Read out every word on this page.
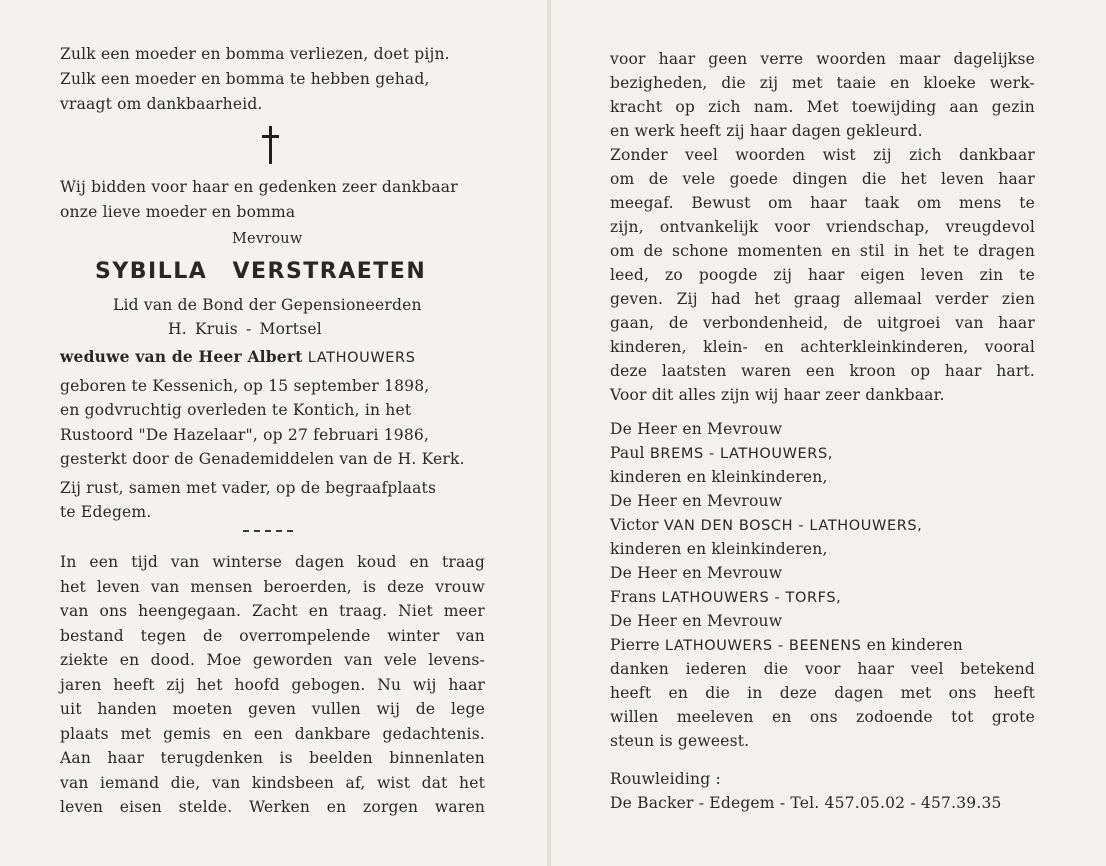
Zulk een moeder en bomma verliezen, doet pijn.
Zulk een moeder en bomma te hebben gehad,
vraagt om dankbaarheid.
Wij bidden voor haar en gedenken zeer dankbaar
onze lieve moeder en bomma
Mevrouw
SYBILLA VERSTRAETEN
Lid van de Bond der Gepensioneerden
H. Kruis - Mortsel
weduwe van de Heer Albert LATHOUWERS
geboren te Kessenich, op 15 september 1898,
en godvruchtig overleden te Kontich, in het
Rustoord "De Hazelaar", op 27 februari 1986,
gesterkt door de Genademiddelen van de H. Kerk.
Zij rust, samen met vader, op de begraafplaats
te Edegem.
In een tijd van winterse dagen koud en traag
het leven van mensen beroerden, is deze vrouw
van ons heengegaan. Zacht en traag. Niet meer
bestand tegen de overrompelende winter van
ziekte en dood. Moe geworden van vele levens-
jaren heeft zij het hoofd gebogen. Nu wij haar
uit handen moeten geven vullen wij de lege
plaats met gemis en een dankbare gedachtenis.
Aan haar terugdenken is beelden binnenlaten
van iemand die, van kindsbeen af, wist dat het
leven eisen stelde. Werken en zorgen waren
voor haar geen verre woorden maar dagelijkse
bezigheden, die zij met taaie en kloeke werk-
kracht op zich nam. Met toewijding aan gezin
en werk heeft zij haar dagen gekleurd.
Zonder veel woorden wist zij zich dankbaar
om de vele goede dingen die het leven haar
meegaf. Bewust om haar taak om mens te
zijn, ontvankelijk voor vriendschap, vreugdevol
om de schone momenten en stil in het te dragen
leed, zo poogde zij haar eigen leven zin te
geven. Zij had het graag allemaal verder zien
gaan, de verbondenheid, de uitgroei van haar
kinderen, klein- en achterkleinkinderen, vooral
deze laatsten waren een kroon op haar hart.
Voor dit alles zijn wij haar zeer dankbaar.
De Heer en Mevrouw
Paul BREMS - LATHOUWERS,
kinderen en kleinkinderen,
De Heer en Mevrouw
Victor VAN DEN BOSCH - LATHOUWERS,
kinderen en kleinkinderen,
De Heer en Mevrouw
Frans LATHOUWERS - TORFS,
De Heer en Mevrouw
Pierre LATHOUWERS - BEENENS en kinderen
danken iederen die voor haar veel betekend
heeft en die in deze dagen met ons heeft
willen meeleven en ons zodoende tot grote
steun is geweest.
Rouwleiding :
De Backer - Edegem - Tel. 457.05.02 - 457.39.35
